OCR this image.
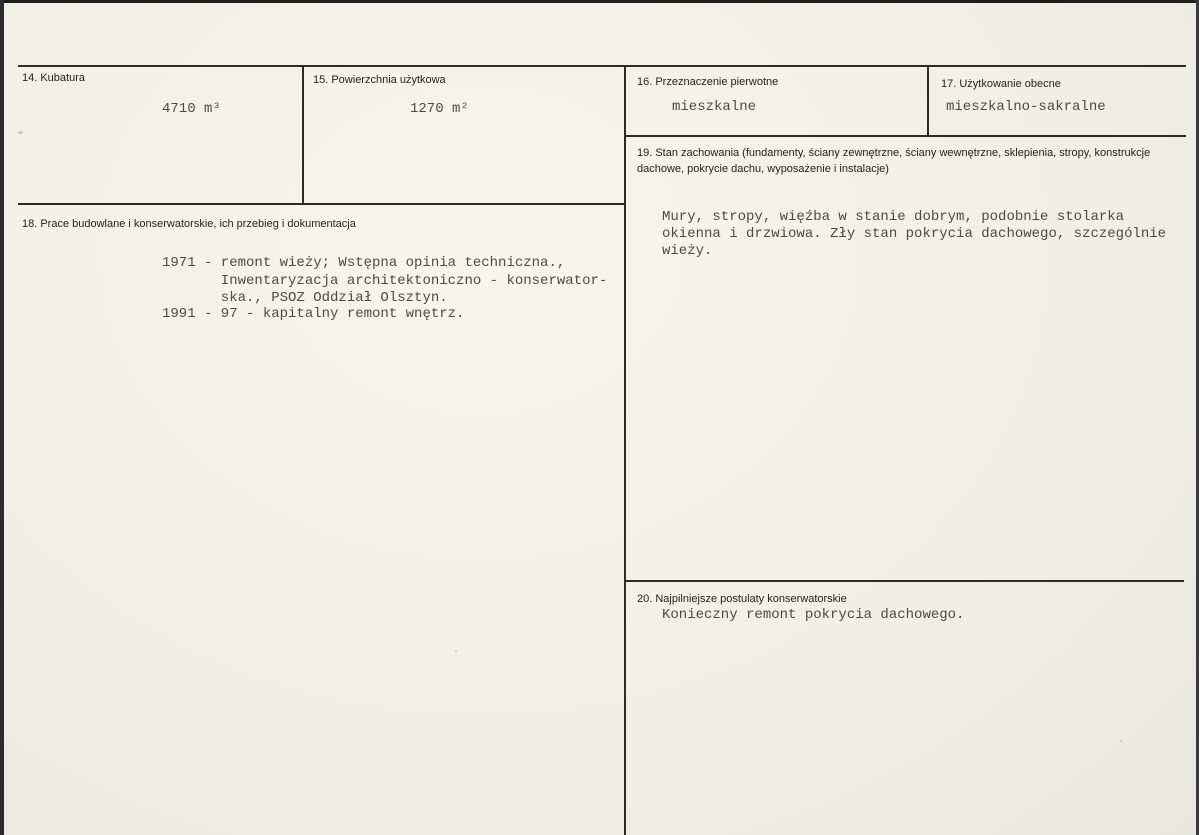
14. Kubatura
4710 m³
15. Powierzchnia użytkowa
1270 m²
16. Przeznaczenie pierwotne
mieszkalne
17. Użytkowanie obecne
mieszkalno-sakralne
18. Prace budowlane i konserwatorskie, ich przebieg i dokumentacja
1971 - remont wieży; Wstępna opinia techniczna.,
Inwentaryzacja architektoniczno - konserwator-
ska., PSOZ Oddział Olsztyn.
1991 - 97 - kapitalny remont wnętrz.
19. Stan zachowania (fundamenty, ściany zewnętrzne, ściany wewnętrzne, sklepienia, stropy, konstrukcje dachowe, pokrycie dachu, wyposażenie i instalacje)
Mury, stropy, więźba w stanie dobrym, podobnie stolarka
okienna i drzwiowa. Zły stan pokrycia dachowego, szczególnie
wieży.
20. Najpilniejsze postulaty konserwatorskie
Konieczny remont pokrycia dachowego.
